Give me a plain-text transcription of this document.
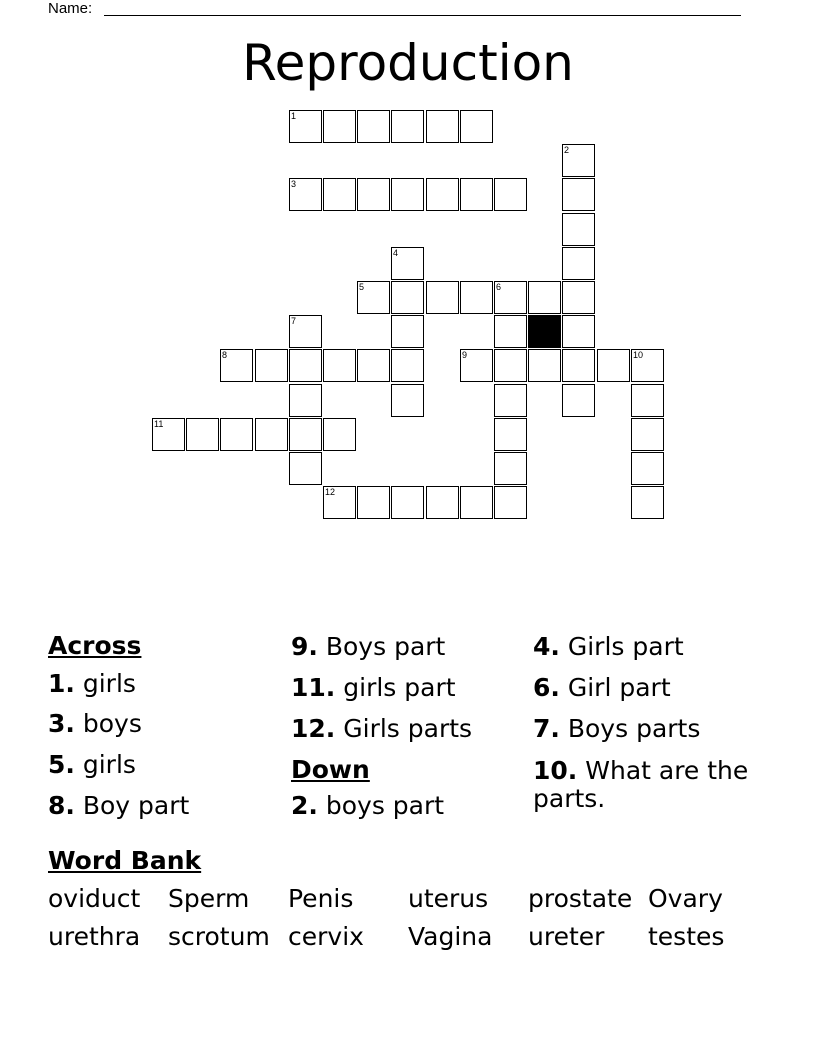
Name:
Reproduction
1
2
3
4
5	6
7
8	9	10
11
12
Across
1. girls
3. boys
5. girls
8. Boy part
9. Boys part
11. girls part
12. Girls parts
Down
2. boys part
4. Girls part
6. Girl part
7. Boys parts
10. What are the parts.
Word Bank
oviduct Sperm Penis uterus prostate Ovary
urethra scrotum cervix Vagina ureter testes
